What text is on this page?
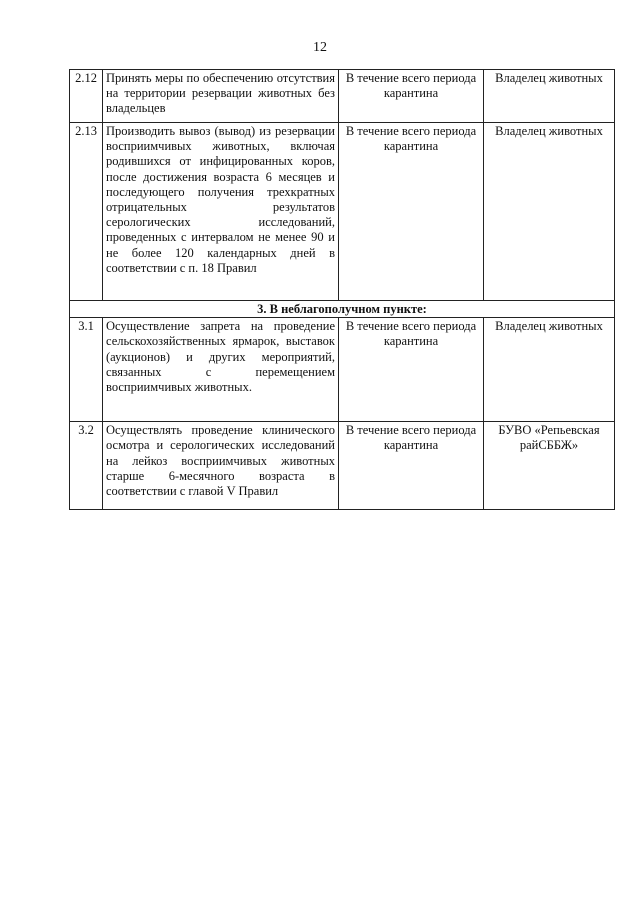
12
2.12	Принять меры по обеспечению отсутствия на территории резервации животных без владельцев	В течение всего периода карантина	Владелец животных
2.13	Производить вывоз (вывод) из резервации восприимчивых животных, включая родившихся от инфицированных коров, после достижения возраста 6 месяцев и последующего получения трехкратных отрицательных результатов серологических исследований, проведенных с интервалом не менее 90 и не более 120 календарных дней в соответствии с п. 18 Правил	В течение всего периода карантина	Владелец животных
3. В неблагополучном пункте:			
3.1	Осуществление запрета на проведение сельскохозяйственных ярмарок, выставок (аукционов) и других мероприятий, связанных с перемещением восприимчивых животных.	В течение всего периода карантина	Владелец животных
3.2	Осуществлять проведение клинического осмотра и серологических исследований на лейкоз восприимчивых животных старше 6-месячного возраста в соответствии с главой V Правил	В течение всего периода карантина	БУВО «Репьевская райСББЖ»
